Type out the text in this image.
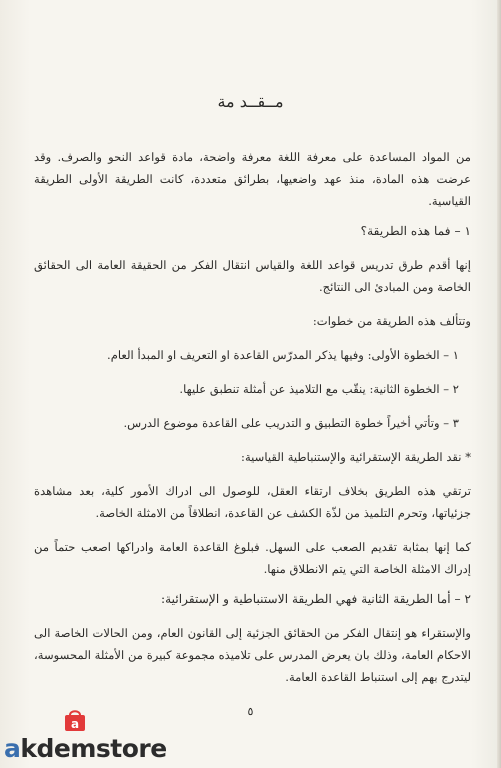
مــقــد مة

من المواد المساعدة على معرفة اللغة معرفة واضحة، مادة قواعد النحو والصرف. وقد عرضت هذه المادة، منذ عهد واضعيها، بطرائق متعددة، كانت الطريقة الأولى الطريقة القياسية.

١ – فما هذه الطريقة؟

إنها أقدم طرق تدريس قواعد اللغة والقياس انتقال الفكر من الحقيقة العامة الى الحقائق الخاصة ومن المبادئ الى النتائج.

وتتألف هذه الطريقة من خطوات:

١ – الخطوة الأولى: وفيها يذكر المدرّس القاعدة او التعريف او المبدأ العام.

٢ – الخطوة الثانية: ينقّب مع التلاميذ عن أمثلة تنطبق عليها.

٣ – وتأتي أخيراً خطوة التطبيق و التدريب على القاعدة موضوع الدرس.

* نقد الطريقة الإستقرائية والإستنباطية القياسية:

ترتقي هذه الطريق بخلاف ارتقاء العقل، للوصول الى ادراك الأمور كلية، بعد مشاهدة جزئياتها، وتحرم التلميذ من لذّة الكشف عن القاعدة، انطلاقاً من الامثلة الخاصة.

كما إنها بمثابة تقديم الصعب على السهل. فبلوغ القاعدة العامة وادراكها اصعب حتماً من إدراك الامثلة الخاصة التي يتم الانطلاق منها.

٢ – أما الطريقة الثانية فهي الطريقة الاستنباطية و الإستقرائية:

والإستقراء هو إنتقال الفكر من الحقائق الجزئية إلى القانون العام، ومن الحالات الخاصة الى الاحكام العامة، وذلك بان يعرض المدرس على تلاميذه مجموعة كبيرة من الأمثلة المحسوسة، ليتدرج بهم إلى استنباط القاعدة العامة.

٥
a
akdemstore
